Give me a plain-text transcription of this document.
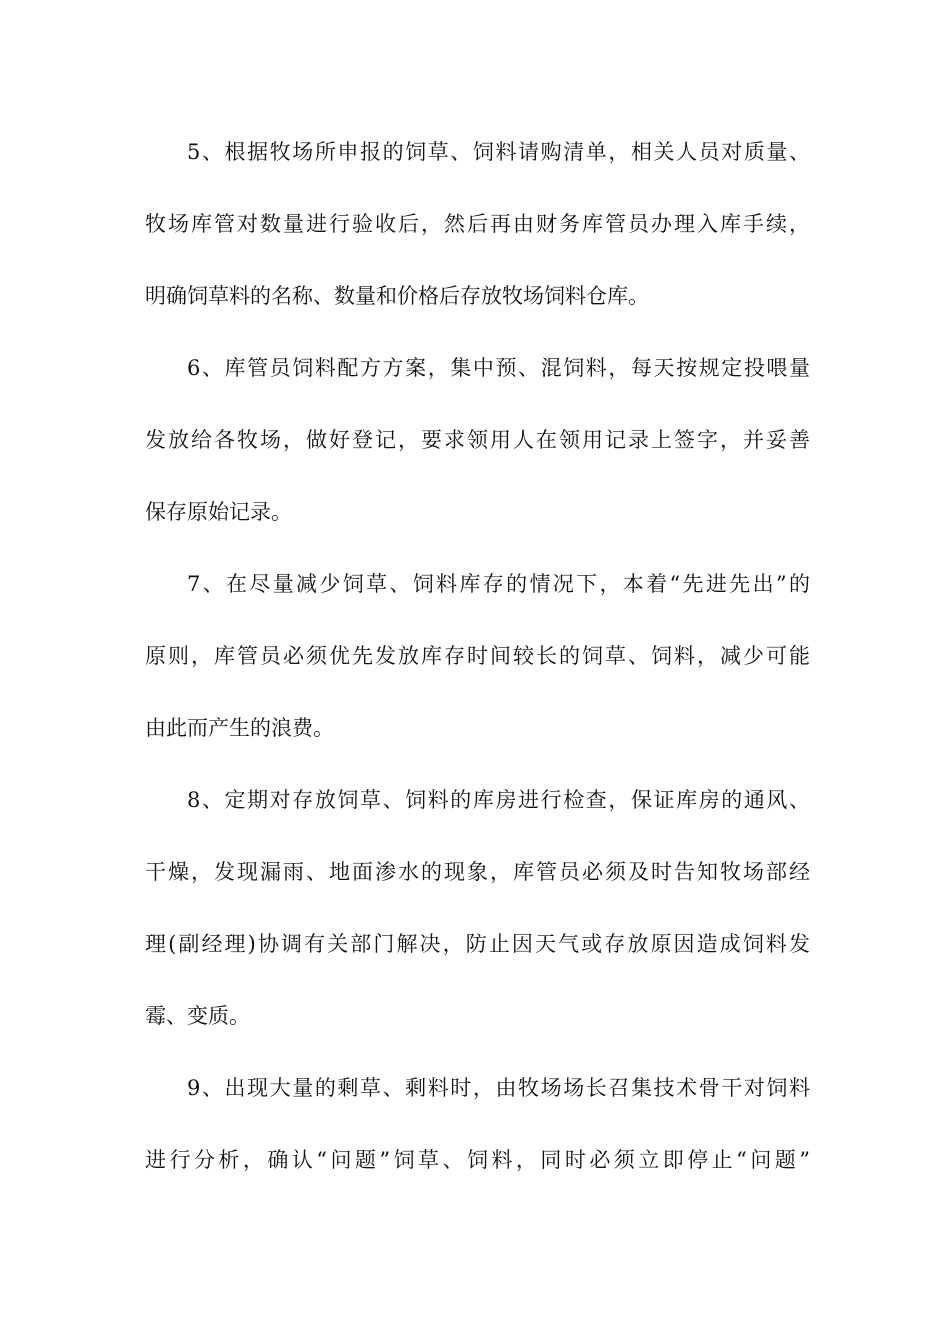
5、根据牧场所申报的饲草、饲料请购清单，相关人员对质量、
牧场库管对数量进行验收后，然后再由财务库管员办理入库手续，
明确饲草料的名称、数量和价格后存放牧场饲料仓库。
6、库管员饲料配方方案，集中预、混饲料，每天按规定投喂量
发放给各牧场，做好登记，要求领用人在领用记录上签字，并妥善
保存原始记录。
7、在尽量减少饲草、饲料库存的情况下，本着“先进先出”的
原则，库管员必须优先发放库存时间较长的饲草、饲料，减少可能
由此而产生的浪费。
8、定期对存放饲草、饲料的库房进行检查，保证库房的通风、
干燥，发现漏雨、地面渗水的现象，库管员必须及时告知牧场部经
理(副经理)协调有关部门解决，防止因天气或存放原因造成饲料发
霉、变质。
9、出现大量的剩草、剩料时，由牧场场长召集技术骨干对饲料
进行分析，确认“问题”饲草、饲料，同时必须立即停止“问题”
